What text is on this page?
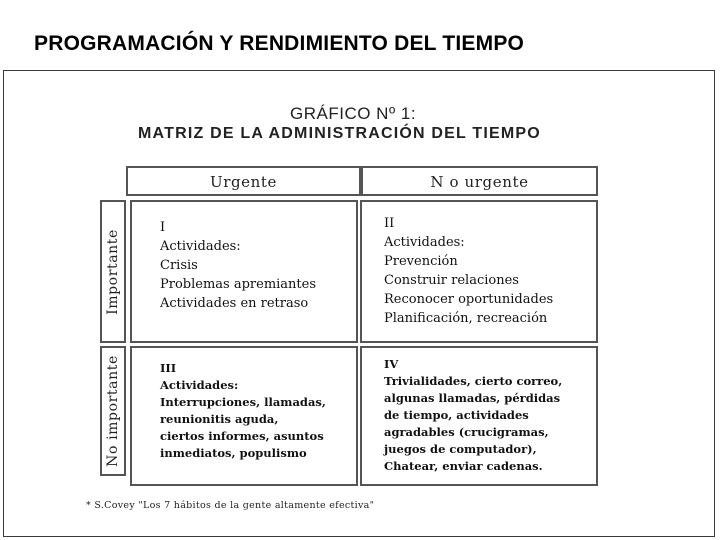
PROGRAMACIÓN Y RENDIMIENTO DEL TIEMPO
GRÁFICO Nº 1:
MATRIZ DE LA ADMINISTRACIÓN DEL TIEMPO
Urgente	N o urgente
Importante
No importante
I
Actividades:
Crisis
Problemas apremiantes
Actividades en retraso
II
Actividades:
Prevención
Construir relaciones
Reconocer oportunidades
Planificación, recreación
III
Actividades:
Interrupciones, llamadas,
reunionitis aguda,
ciertos informes, asuntos
inmediatos, populismo
IV
Trivialidades, cierto correo,
algunas llamadas, pérdidas
de tiempo, actividades
agradables (crucigramas,
juegos de computador),
Chatear, enviar cadenas.
* S.Covey "Los 7 hábitos de la gente altamente efectiva"
